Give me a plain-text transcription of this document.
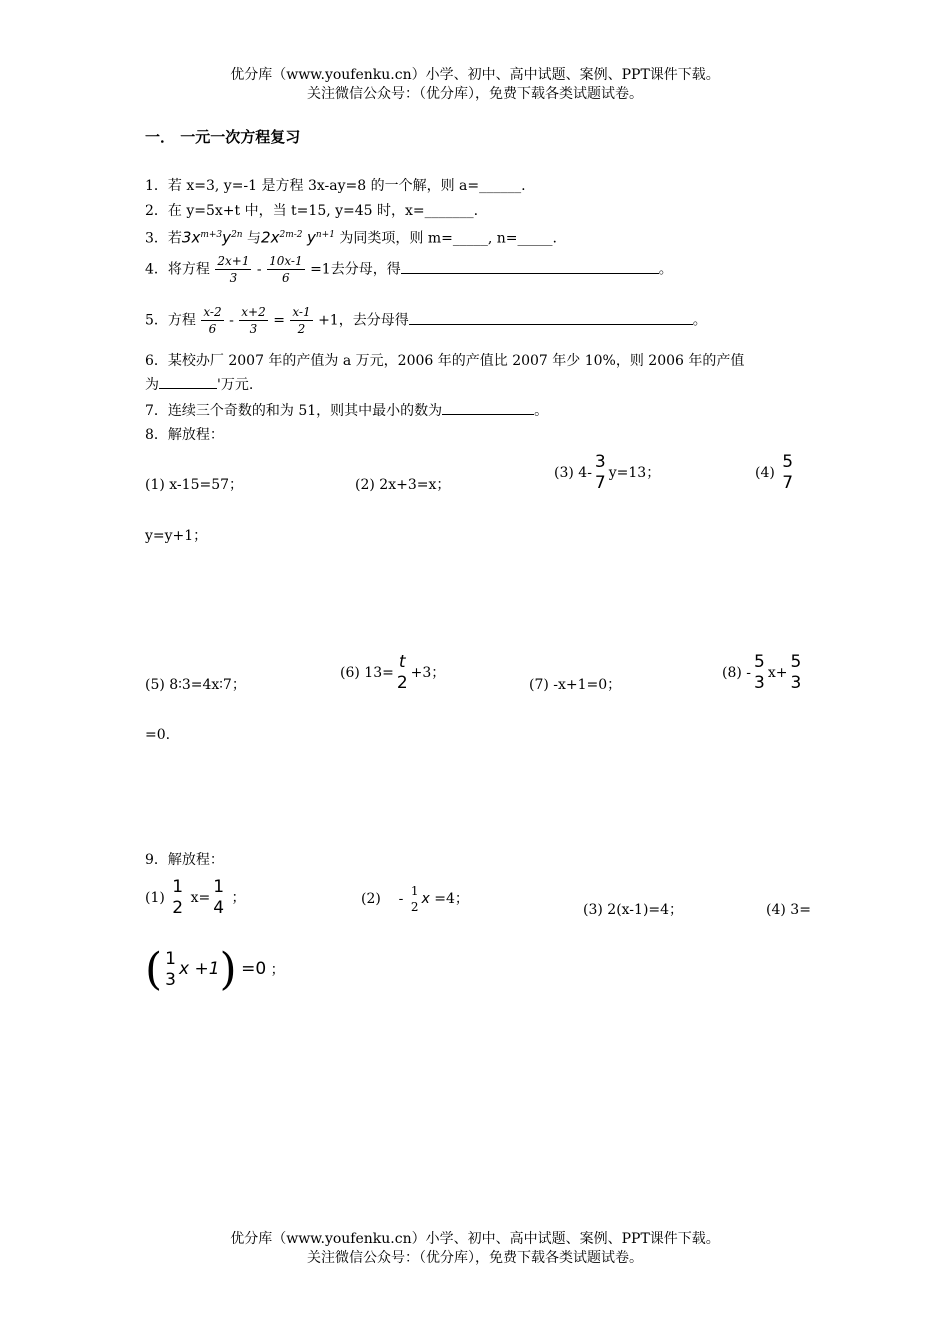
优分库（www.youfenku.cn）小学、初中、高中试题、案例、PPT课件下载。
关注微信公众号：（优分库），免费下载各类试题试卷。
一． 一元一次方程复习
1．若 x=3, y=-1 是方程 3x-ay=8 的一个解，则 a=______.
2．在 y=5x+t 中，当 t=15, y=45 时，x=_______.
3．若$3x^{m+3}y^{2n}$ 与$2x^{2m-2}$ $y^{n+1}$ 为同类项，则 m=_____, n=_____.
4．将方程 $\frac{2x+1}{3} - \frac{10x-1}{6} =1$去分母，得	。
5．方程 $\frac{x-2}{6} - \frac{x+2}{3} = \frac{x-1}{2} +1$，去分母得	。
6．某校办厂 2007 年的产值为 a 万元，2006 年的产值比 2007 年少 10%，则 2006 年的产值
为	'万元.
7．连续三个奇数的和为 51，则其中最小的数为	。
8．解放程：
(1) x-15=57；	(2) 2x+3=x；
(3) 4-
3
7 y=13；	(4)
5
7
y=y+1；
(5) 8∶3=4x∶7；
(6) 13=
t
2 +3；
(7) -x+1=0；
(8) -
5
3 x+
5
3
=0.
9．解放程：
(1)
1
2 x=
1
4 ；	(2) - 1
2 x =4；
(3) 2(x-1)=4；	(4) 3=
( 1
3
x +1) =0 ；
优分库（www.youfenku.cn）小学、初中、高中试题、案例、PPT课件下载。
关注微信公众号：（优分库），免费下载各类试题试卷。
